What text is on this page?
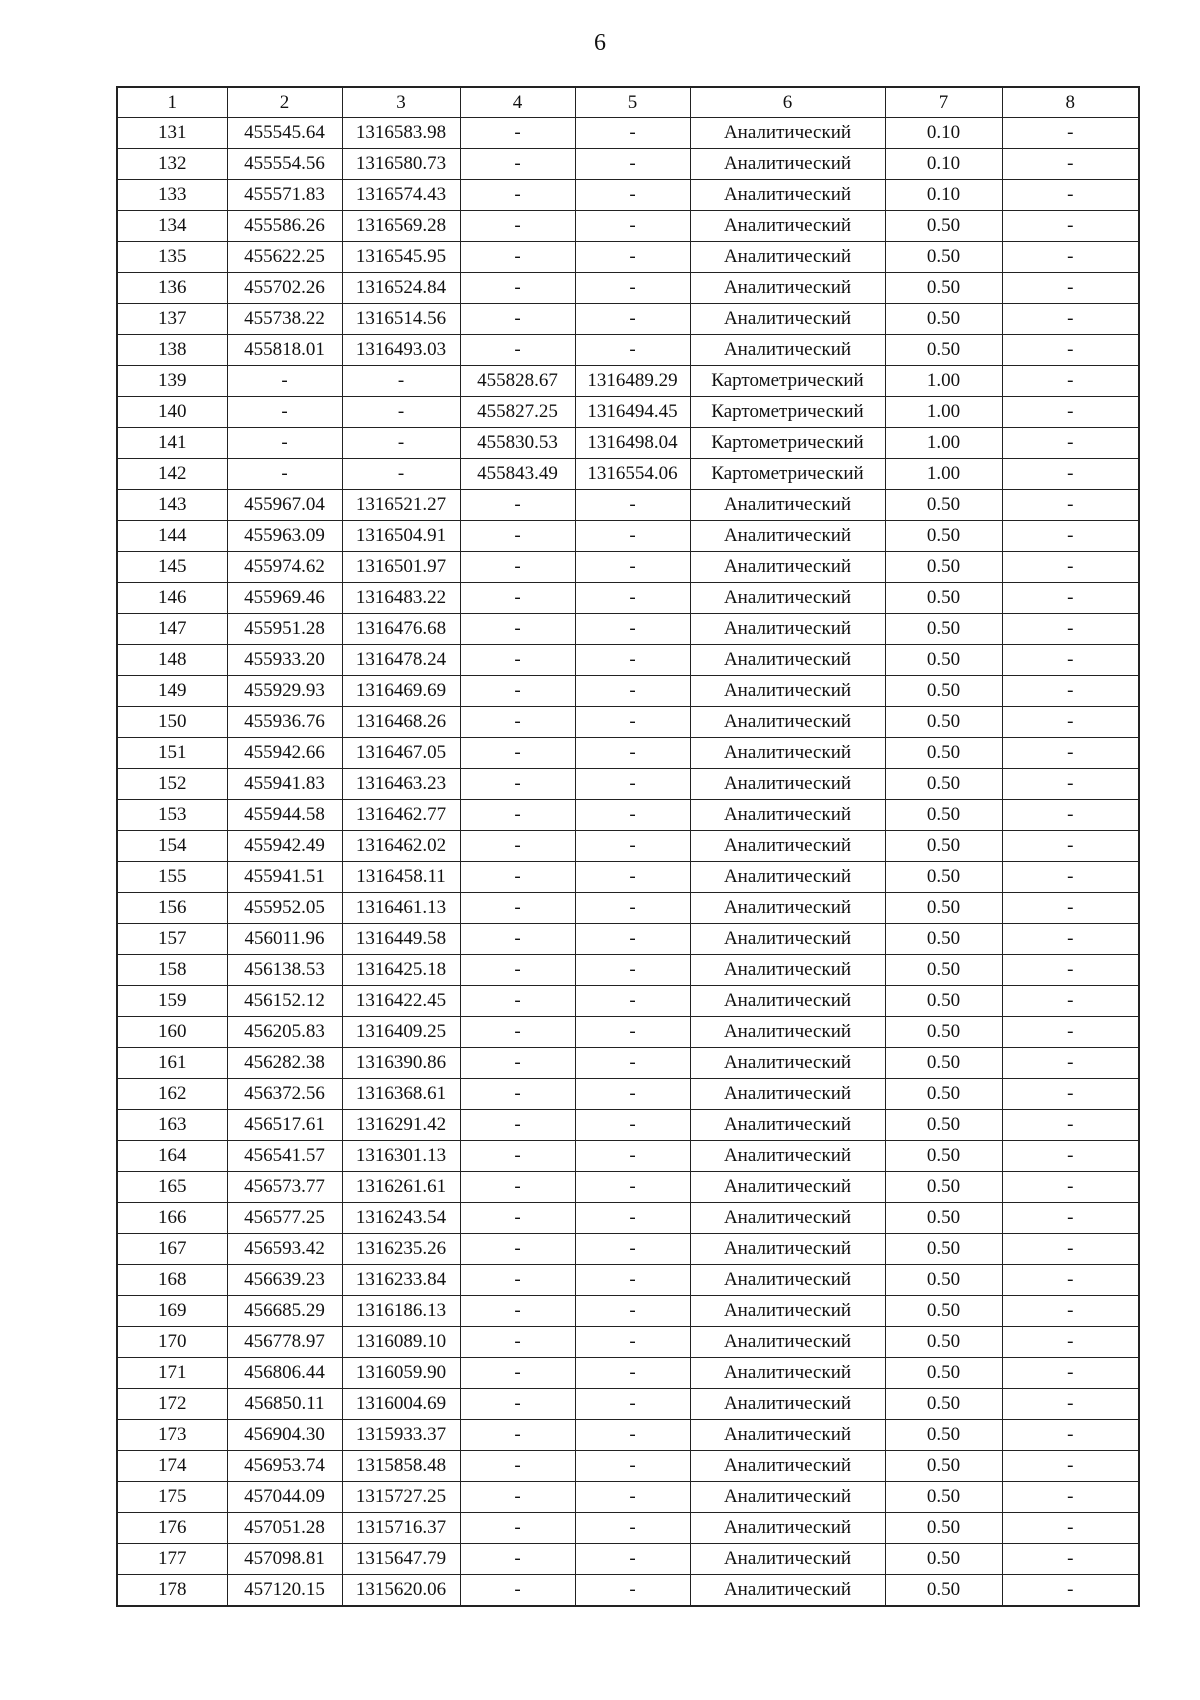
6
1	2	3	4	5	6	7	8
131	455545.64	1316583.98	-	-	Аналитический	0.10	-
132	455554.56	1316580.73	-	-	Аналитический	0.10	-
133	455571.83	1316574.43	-	-	Аналитический	0.10	-
134	455586.26	1316569.28	-	-	Аналитический	0.50	-
135	455622.25	1316545.95	-	-	Аналитический	0.50	-
136	455702.26	1316524.84	-	-	Аналитический	0.50	-
137	455738.22	1316514.56	-	-	Аналитический	0.50	-
138	455818.01	1316493.03	-	-	Аналитический	0.50	-
139	-	-	455828.67	1316489.29	Картометрический	1.00	-
140	-	-	455827.25	1316494.45	Картометрический	1.00	-
141	-	-	455830.53	1316498.04	Картометрический	1.00	-
142	-	-	455843.49	1316554.06	Картометрический	1.00	-
143	455967.04	1316521.27	-	-	Аналитический	0.50	-
144	455963.09	1316504.91	-	-	Аналитический	0.50	-
145	455974.62	1316501.97	-	-	Аналитический	0.50	-
146	455969.46	1316483.22	-	-	Аналитический	0.50	-
147	455951.28	1316476.68	-	-	Аналитический	0.50	-
148	455933.20	1316478.24	-	-	Аналитический	0.50	-
149	455929.93	1316469.69	-	-	Аналитический	0.50	-
150	455936.76	1316468.26	-	-	Аналитический	0.50	-
151	455942.66	1316467.05	-	-	Аналитический	0.50	-
152	455941.83	1316463.23	-	-	Аналитический	0.50	-
153	455944.58	1316462.77	-	-	Аналитический	0.50	-
154	455942.49	1316462.02	-	-	Аналитический	0.50	-
155	455941.51	1316458.11	-	-	Аналитический	0.50	-
156	455952.05	1316461.13	-	-	Аналитический	0.50	-
157	456011.96	1316449.58	-	-	Аналитический	0.50	-
158	456138.53	1316425.18	-	-	Аналитический	0.50	-
159	456152.12	1316422.45	-	-	Аналитический	0.50	-
160	456205.83	1316409.25	-	-	Аналитический	0.50	-
161	456282.38	1316390.86	-	-	Аналитический	0.50	-
162	456372.56	1316368.61	-	-	Аналитический	0.50	-
163	456517.61	1316291.42	-	-	Аналитический	0.50	-
164	456541.57	1316301.13	-	-	Аналитический	0.50	-
165	456573.77	1316261.61	-	-	Аналитический	0.50	-
166	456577.25	1316243.54	-	-	Аналитический	0.50	-
167	456593.42	1316235.26	-	-	Аналитический	0.50	-
168	456639.23	1316233.84	-	-	Аналитический	0.50	-
169	456685.29	1316186.13	-	-	Аналитический	0.50	-
170	456778.97	1316089.10	-	-	Аналитический	0.50	-
171	456806.44	1316059.90	-	-	Аналитический	0.50	-
172	456850.11	1316004.69	-	-	Аналитический	0.50	-
173	456904.30	1315933.37	-	-	Аналитический	0.50	-
174	456953.74	1315858.48	-	-	Аналитический	0.50	-
175	457044.09	1315727.25	-	-	Аналитический	0.50	-
176	457051.28	1315716.37	-	-	Аналитический	0.50	-
177	457098.81	1315647.79	-	-	Аналитический	0.50	-
178	457120.15	1315620.06	-	-	Аналитический	0.50	-
